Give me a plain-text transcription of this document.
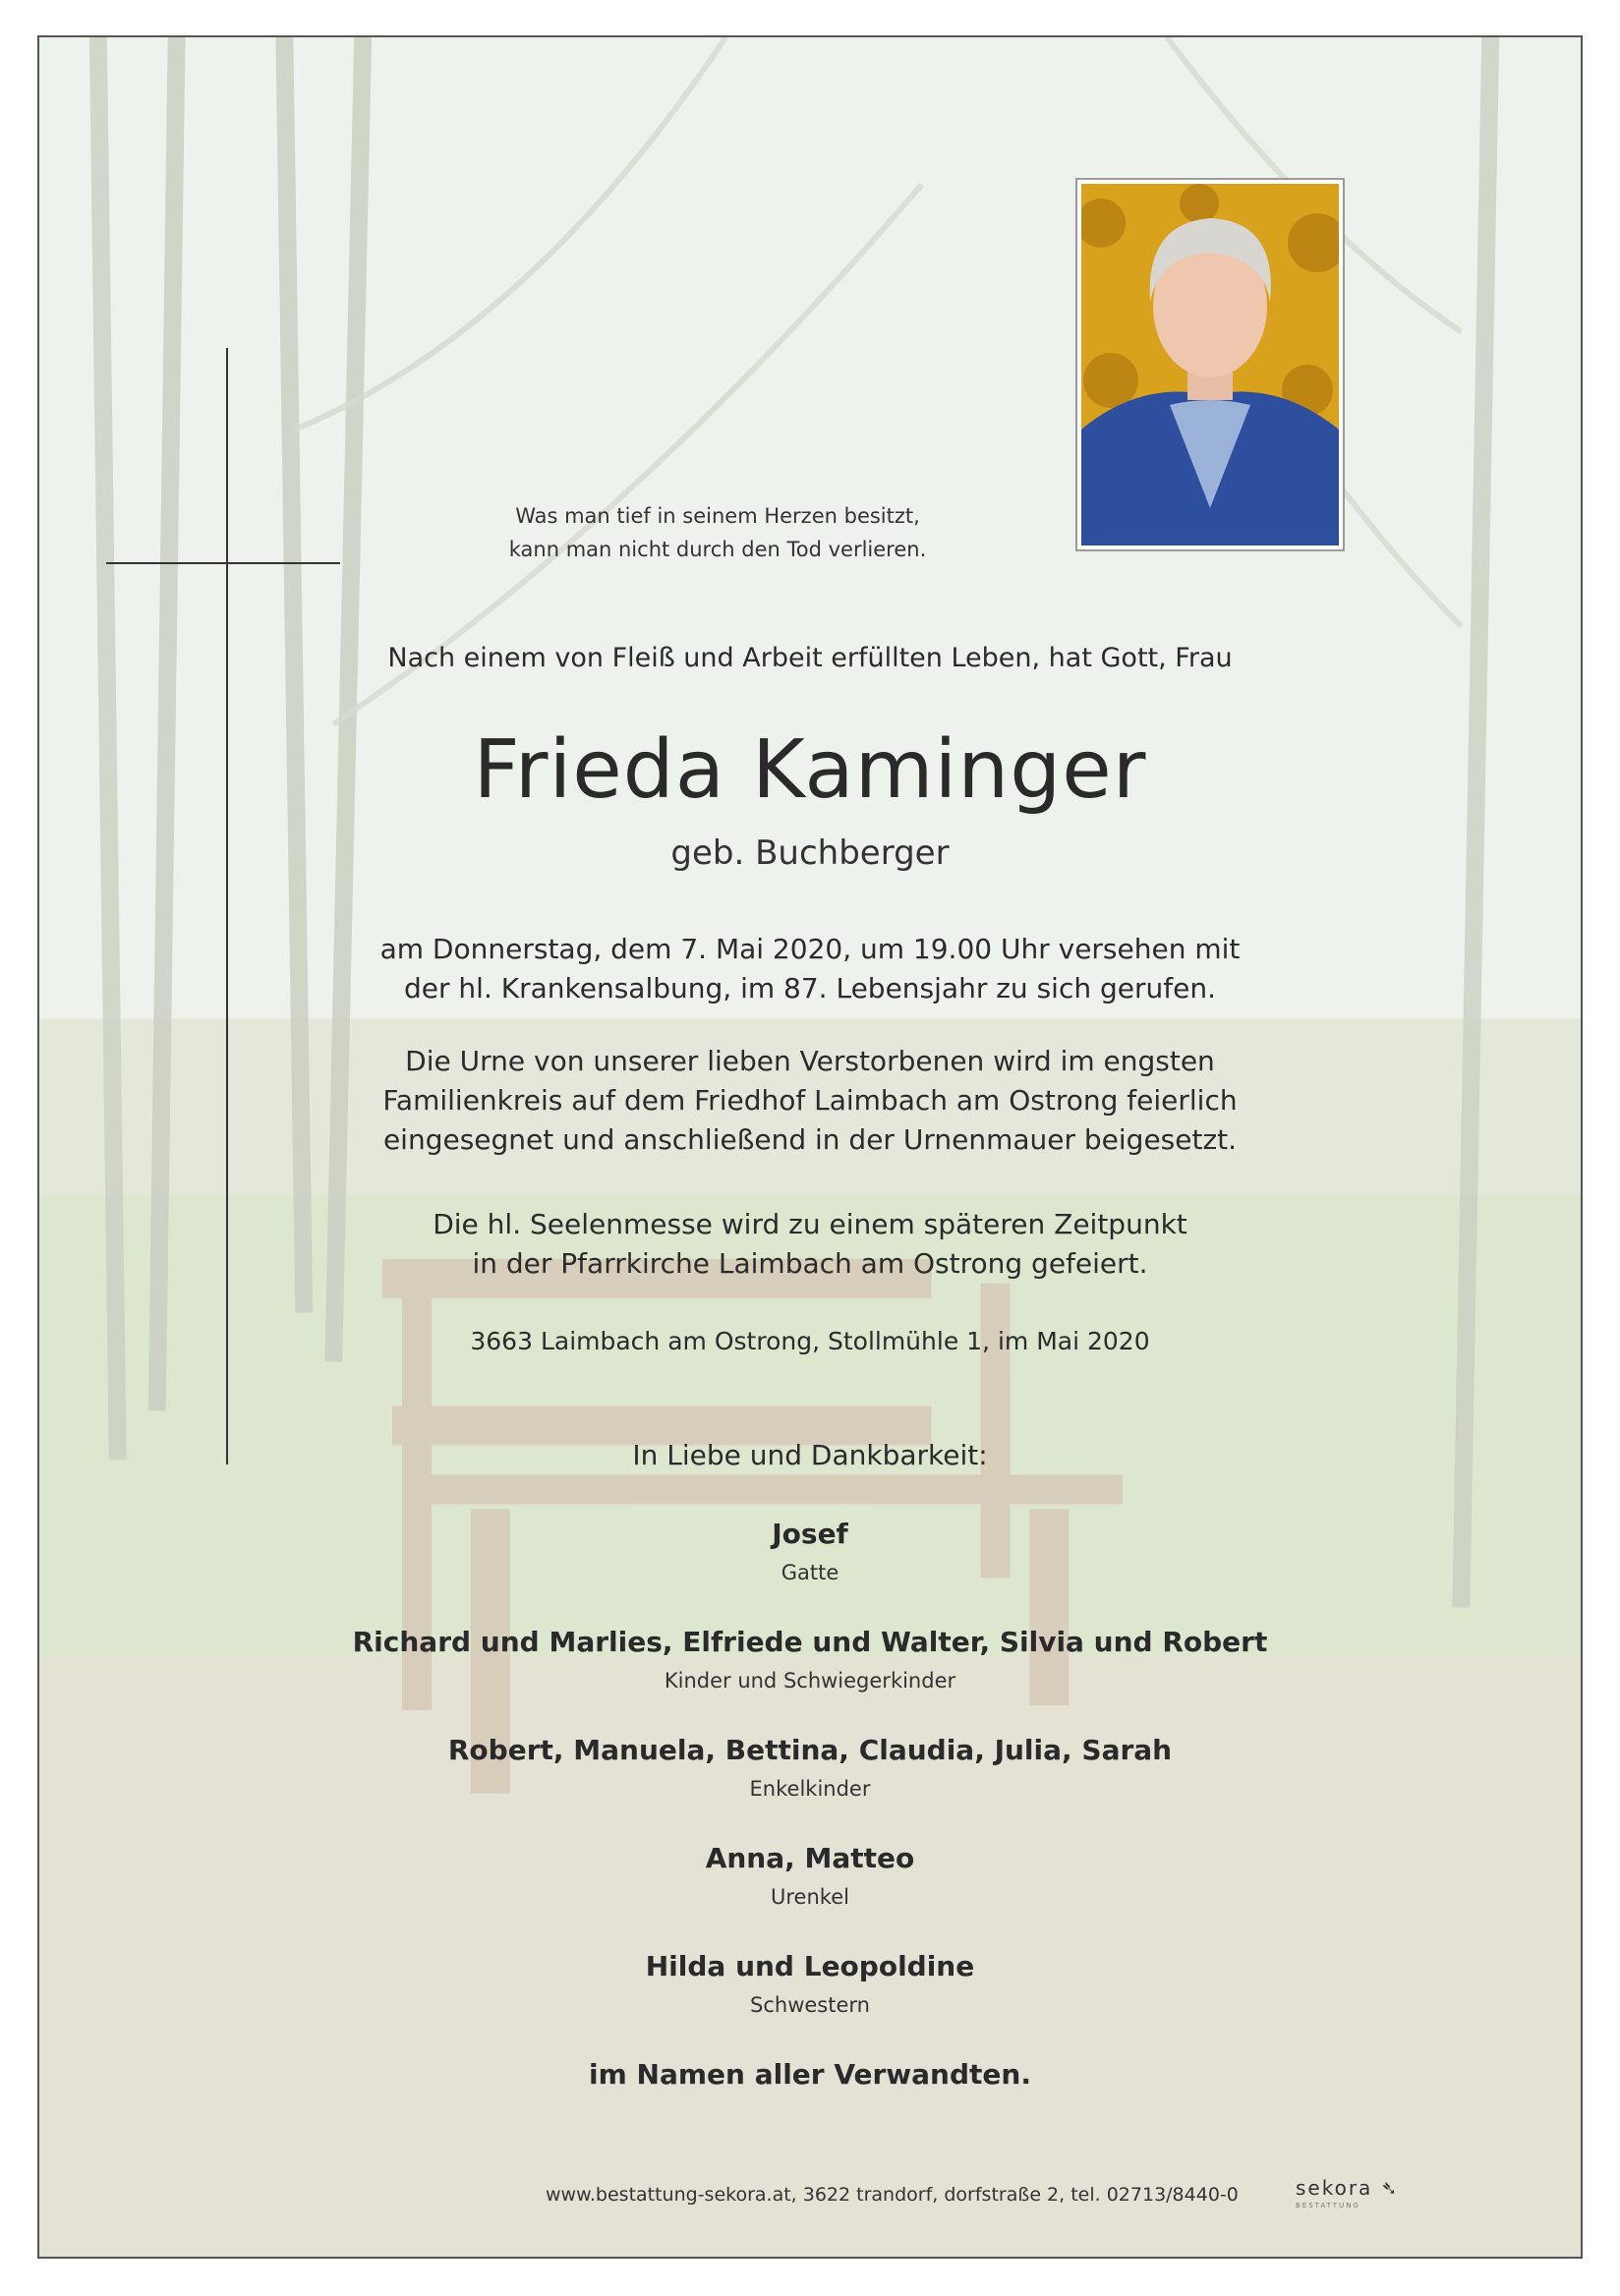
Was man tief in seinem Herzen besitzt,
kann man nicht durch den Tod verlieren.
Nach einem von Fleiß und Arbeit erfüllten Leben, hat Gott, Frau
Frieda Kaminger
geb. Buchberger
am Donnerstag, dem 7. Mai 2020, um 19.00 Uhr versehen mit
der hl. Krankensalbung, im 87. Lebensjahr zu sich gerufen.
Die Urne von unserer lieben Verstorbenen wird im engsten
Familienkreis auf dem Friedhof Laimbach am Ostrong feierlich
eingesegnet und anschließend in der Urnenmauer beigesetzt.
Die hl. Seelenmesse wird zu einem späteren Zeitpunkt
in der Pfarrkirche Laimbach am Ostrong gefeiert.
3663 Laimbach am Ostrong, Stollmühle 1, im Mai 2020
In Liebe und Dankbarkeit:
Josef
Gatte
Richard und Marlies, Elfriede und Walter, Silvia und Robert
Kinder und Schwiegerkinder
Robert, Manuela, Bettina, Claudia, Julia, Sarah
Enkelkinder
Anna, Matteo
Urenkel
Hilda und Leopoldine
Schwestern
im Namen aller Verwandten.
www.bestattung-sekora.at, 3622 trandorf, dorfstraße 2, tel. 02713/8440-0	sekora ➴
BESTATTUNG
